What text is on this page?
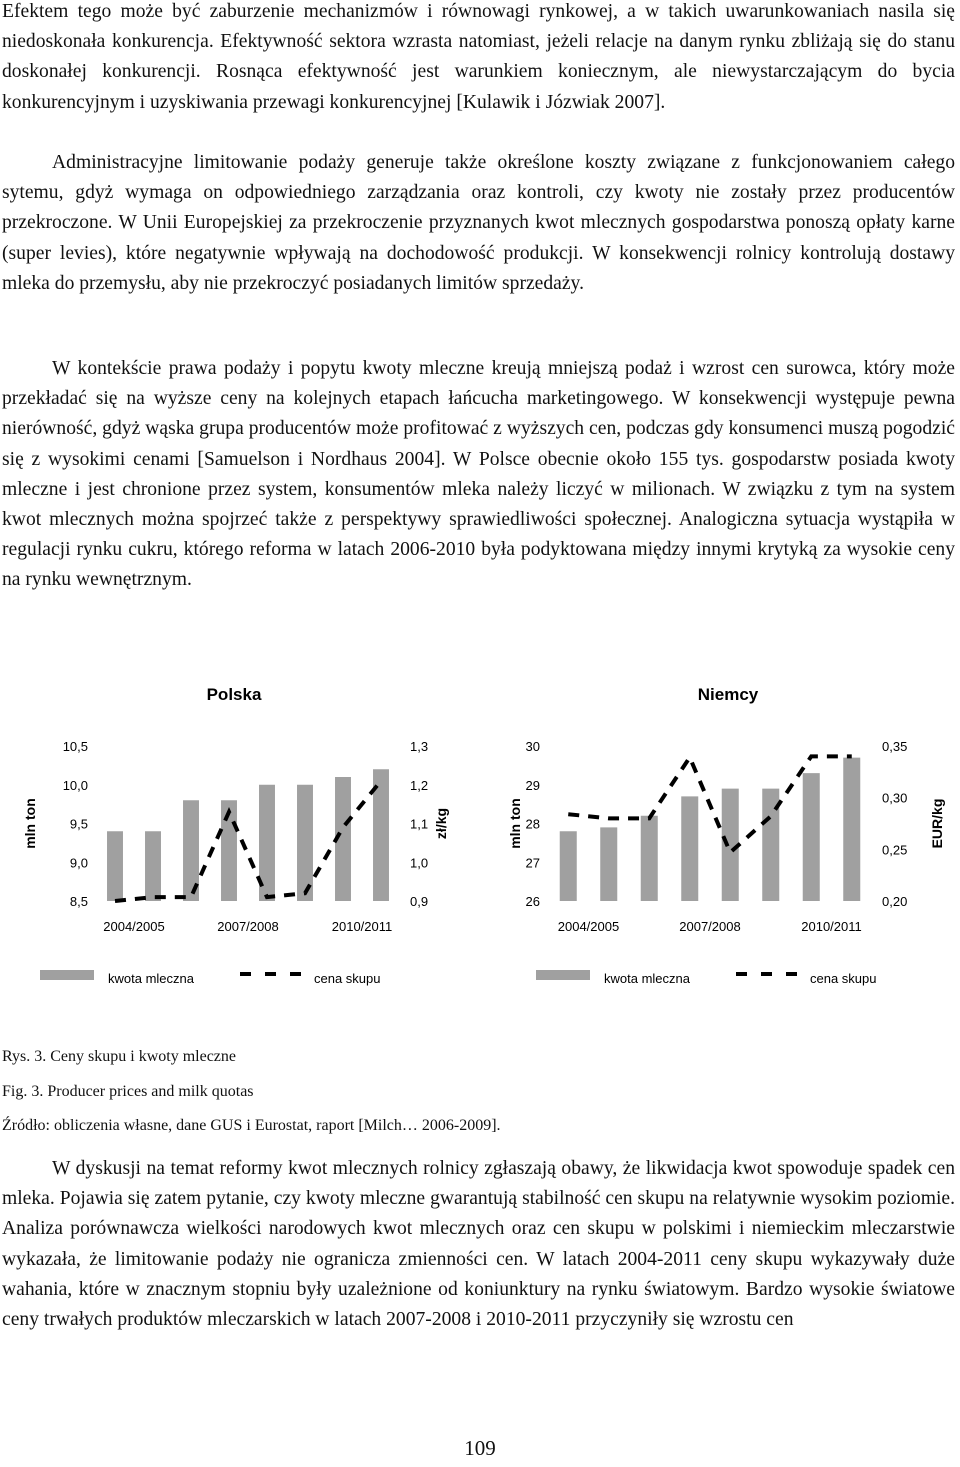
Efektem tego może być zaburzenie mechanizmów i równowagi rynkowej, a w takich uwarunkowaniach nasila się niedoskonała konkurencja. Efektywność sektora wzrasta natomiast, jeżeli relacje na danym rynku zbliżają się do stanu doskonałej konkurencji. Rosnąca efektywność jest warunkiem koniecznym, ale niewystarczającym do bycia konkurencyjnym i uzyskiwania przewagi konkurencyjnej [Kulawik i Józwiak 2007].

Administracyjne limitowanie podaży generuje także określone koszty związane z funkcjonowaniem całego sytemu, gdyż wymaga on odpowiedniego zarządzania oraz kontroli, czy kwoty nie zostały przez producentów przekroczone. W Unii Europejskiej za przekroczenie przyznanych kwot mlecznych gospodarstwa ponoszą opłaty karne (super levies), które negatywnie wpływają na dochodowość produkcji. W konsekwencji rolnicy kontrolują dostawy mleka do przemysłu, aby nie przekroczyć posiadanych limitów sprzedaży.

W kontekście prawa podaży i popytu kwoty mleczne kreują mniejszą podaż i wzrost cen surowca, który może przekładać się na wyższe ceny na kolejnych etapach łańcucha marketingowego. W konsekwencji występuje pewna nierówność, gdyż wąska grupa producentów może profitować z wyższych cen, podczas gdy konsumenci muszą pogodzić się z wysokimi cenami [Samuelson i Nordhaus 2004]. W Polsce obecnie około 155 tys. gospodarstw posiada kwoty mleczne i jest chronione przez system, konsumentów mleka należy liczyć w milionach. W związku z tym na system kwot mlecznych można spojrzeć także z perspektywy sprawiedliwości społecznej. Analogiczna sytuacja wystąpiła w regulacji rynku cukru, którego reforma w latach 2006-2010 była podyktowana między innymi krytyką za wysokie ceny na rynku wewnętrznym.

Polska
10,5
10,0
9,5
9,0
8,5
1,3
1,2
1,1
1,0
0,9
mln ton	zł/kg
2004/2005	2007/2008	2010/2011
kwota mleczna	cena skupu
Niemcy
30
29
28
27
26
0,35
0,30
0,25
0,20
mln ton	EUR/kg
2004/2005	2007/2008	2010/2011
kwota mleczna	cena skupu

Rys. 3. Ceny skupu i kwoty mleczne

Fig. 3. Producer prices and milk quotas

Źródło: obliczenia własne, dane GUS i Eurostat, raport [Milch… 2006-2009].

W dyskusji na temat reformy kwot mlecznych rolnicy zgłaszają obawy, że likwidacja kwot spowoduje spadek cen mleka. Pojawia się zatem pytanie, czy kwoty mleczne gwarantują stabilność cen skupu na relatywnie wysokim poziomie. Analiza porównawcza wielkości narodowych kwot mlecznych oraz cen skupu w polskimi i niemieckim mleczarstwie wykazała, że limitowanie podaży nie ogranicza zmienności cen. W latach 2004-2011 ceny skupu wykazywały duże wahania, które w znacznym stopniu były uzależnione od koniunktury na rynku światowym. Bardzo wysokie światowe ceny trwałych produktów mleczarskich w latach 2007-2008 i 2010-2011 przyczyniły się wzrostu cen

109
